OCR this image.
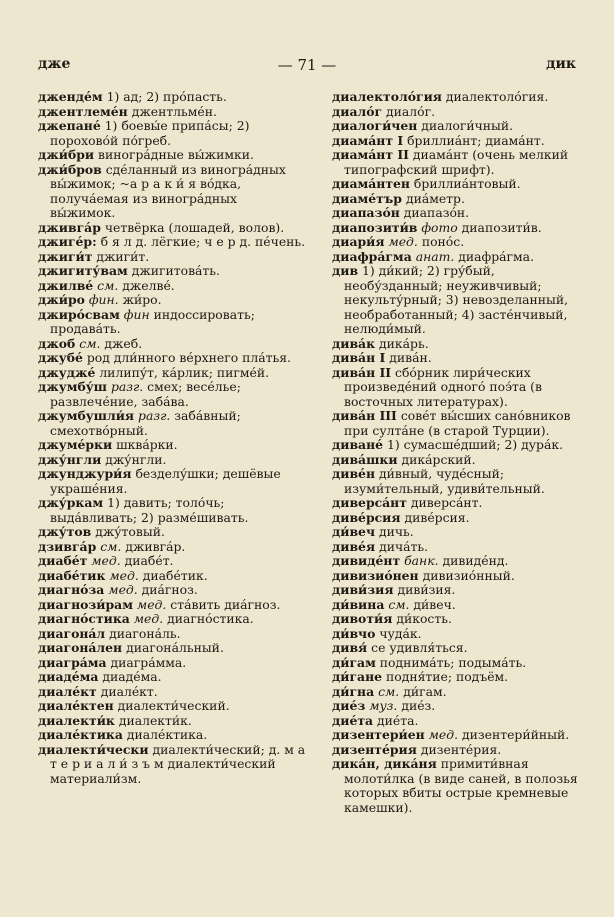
дже	— 71 —	дик

джендéм 1) ад; 2) прóпасть.

джентлемéн джентльмéн.

джепанé 1) боевы́е припáсы; 2) порохово́й по́греб.

джи́бри виногрáдные вы́жимки.

джи́бров сдéланный из виногрáдных вы́жимок; ~а р а к и́ я вóдка, получáемая из виногрáдных вы́жимок.

дживгáр четвёрка (лошадей, волов).

джигéр: б я л д. лёгкие; ч е р д. пéчень.

джиги́т джиги́т.

джигиту́вам джигитовáть.

джилвé см. джелвé.

джи́ро фин. жи́ро.

джирóсвам фин индоссировать; продавáть.

джоб см. джеб.

джубé род дли́нного вéрхнего плáтья.

джуджé лилипу́т, кáрлик; пигмéй.

джумбу́ш разг. смех; весéлье; развлечéние, забáва.

джумбушли́я разг. забáвный; смехотвóрный.

джумéрки шквáрки.

джу́нгли джу́нгли.

джунджури́я безделу́шки; дешёвые украшéния.

джу́ркам 1) давить; толóчь; выдáвливать; 2) размéшивать.

джу́тов джу́товый.

дзивгáр см. дживгáр.

диабéт мед. диабéт.

диабéтик мед. диабéтик.

диагнóза мед. диáгноз.

диагнози́рам мед. стáвить диáгноз.

диагнóстика мед. диагнóстика.

диагонáл диагонáль.

диагонáлен диагонáльный.

диагрáма диагрáмма.

диадéма диадéма.

диалéкт диалéкт.

диалéктен диалекти́ческий.

диалекти́к диалекти́к.

диалéктика диалéктика.

диалекти́чески диалекти́ческий; д. м а т е р и а л и́ з ъ м диалекти́ческий материали́зм.

диалектолóгия диалектолóгия.

диалóг диалóг.

диалоги́чен диалоги́чный.

диамáнт I бриллиáнт; диамáнт.

диамáнт II диамáнт (очень мелкий типографский шрифт).

диамáнтен бриллиáнтовый.

диамéтър диáметр.

диапазóн диапазóн.

диапозити́в фото диапозити́в.

диари́я мед. понóс.

диафрáгма анат. диафрáгма.

див 1) ди́кий; 2) гру́бый, необу́зданный; неуживчивый; некульту́рный; 3) невозделанный, необработанный; 4) застéнчивый, нелюди́мый.

дивáк дикáрь.

дивáн I дивáн.

дивáн II сбóрник лири́ческих произведéний одногó поэ́та (в восточных литературах).

дивáн III совéт вы́сших санóвников при султáне (в старой Турции).

диванé 1) сумасшéдший; 2) дурáк.

дивáшки дикáрский.

дивéн ди́вный, чудéсный; изуми́тельный, удиви́тельный.

диверсáнт диверсáнт.

дивéрсия дивéрсия.

ди́веч дичь.

дивéя дичáть.

дивидéнт банк. дивидéнд.

дивизиóнен дивизиóнный.

диви́зия диви́зия.

ди́вина см. ди́веч.

дивоти́я ди́кость.

ди́вчо чудáк.

дивя́ се удивля́ться.

ди́гам поднимáть; подымáть.

ди́гане подня́тие; подъём.

ди́гна см. ди́гам.

диéз муз. диéз.

диéта диéта.

дизентери́ен мед. дизентери́йный.

дизентéрия дизентéрия.

дикáн, дикáня примити́вная молоти́лка (в виде саней, в полозья которых вбиты острые кремневые камешки).
